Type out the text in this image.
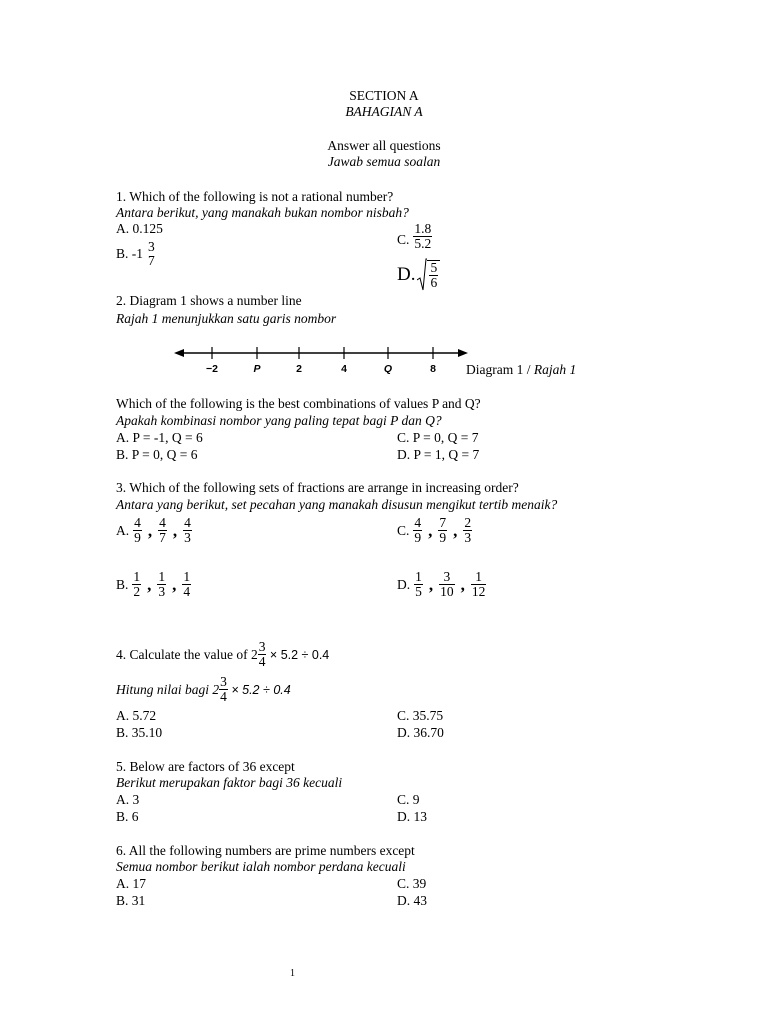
SECTION A
BAHAGIAN A
Answer all questions
Jawab semua soalan
1. Which of the following is not a rational number?
Antara berikut, yang manakah bukan nombor nisbah?
A. 0.125
B. -1 3
7
C. $\frac{1.8}{5.2}$
D. $\frac{5}{6}$
2. Diagram 1 shows a number line
Rajah 1 menunjukkan satu garis nombor
−2	P	2	4	Q	8 Diagram 1 / Rajah 1
Which of the following is the best combinations of values P and Q?
Apakah kombinasi nombor yang paling tepat bagi P dan Q?
A. P = -1, Q = 6
B. P = 0, Q = 6
C. P = 0, Q = 7
D. P = 1, Q = 7
3. Which of the following sets of fractions are arrange in increasing order?
Antara yang berikut, set pecahan yang manakah disusun mengikut tertib menaik?
A. $\frac{4}{9}$ , $\frac{4}{7}$ , $\frac{4}{3}$	C. $\frac{4}{9}$ , $\frac{7}{9}$ , $\frac{2}{3}$
B. $\frac{1}{2}$ , $\frac{1}{3}$ , $\frac{1}{4}$	D. $\frac{1}{5}$ , $\frac{3}{10}$ , $\frac{1}{12}$
4. Calculate the value of $2 \frac{3}{4} \times 5.2 \div 0.4$
Hitung nilai bagi $2 \frac{3}{4} \times 5.2 \div 0.4$
A. 5.72
B. 35.10
C. 35.75
D. 36.70
5. Below are factors of 36 except
Berikut merupakan faktor bagi 36 kecuali
A. 3
B. 6
C. 9
D. 13
6. All the following numbers are prime numbers except
Semua nombor berikut ialah nombor perdana kecuali
A. 17
B. 31
C. 39
D. 43
1
